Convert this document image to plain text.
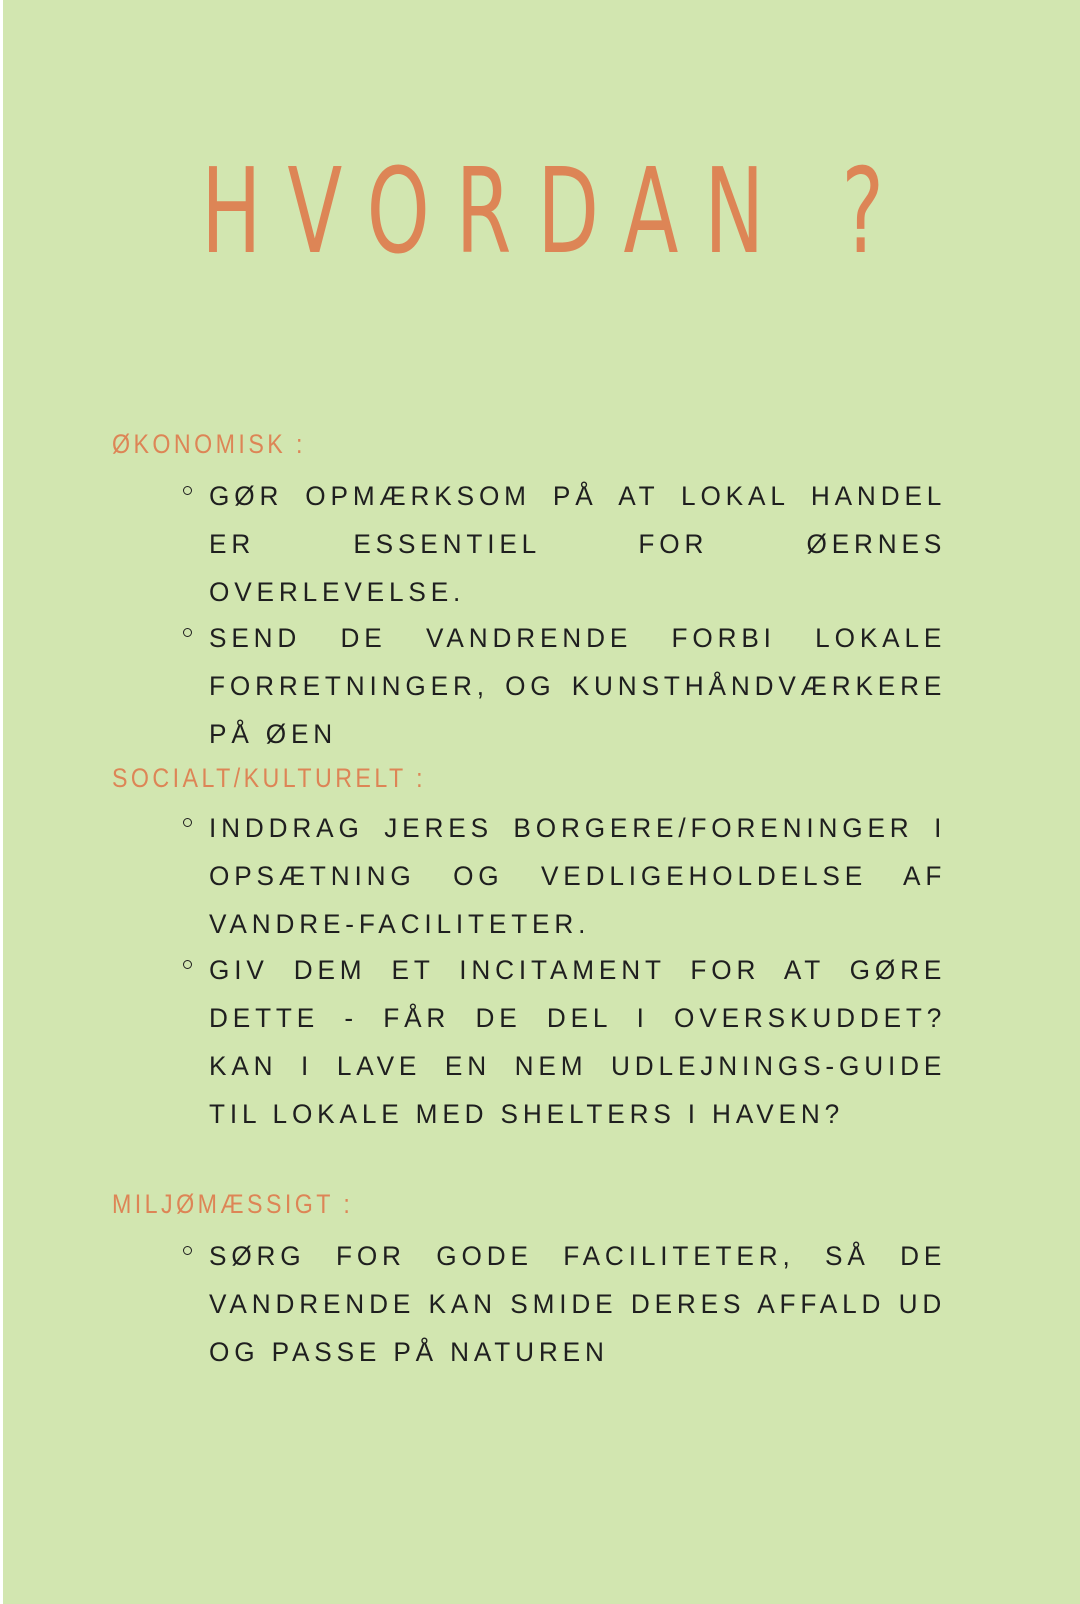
HVORDAN ?
ØKONOMISK :
GØR OPMÆRKSOM PÅ AT LOKAL HANDEL ER ESSENTIEL FOR ØERNES OVERLEVELSE.
SEND DE VANDRENDE FORBI LOKALE FORRETNINGER, OG KUNSTHÅNDVÆRKERE PÅ ØEN
SOCIALT/KULTURELT :
INDDRAG JERES BORGERE/FORENINGER I OPSÆTNING OG VEDLIGEHOLDELSE AF VANDRE-FACILITETER.
GIV DEM ET INCITAMENT FOR AT GØRE DETTE - FÅR DE DEL I OVERSKUDDET? KAN I LAVE EN NEM UDLEJNINGS-GUIDE TIL LOKALE MED SHELTERS I HAVEN?
MILJØMÆSSIGT :
SØRG FOR GODE FACILITETER, SÅ DE VANDRENDE KAN SMIDE DERES AFFALD UD OG PASSE PÅ NATUREN
